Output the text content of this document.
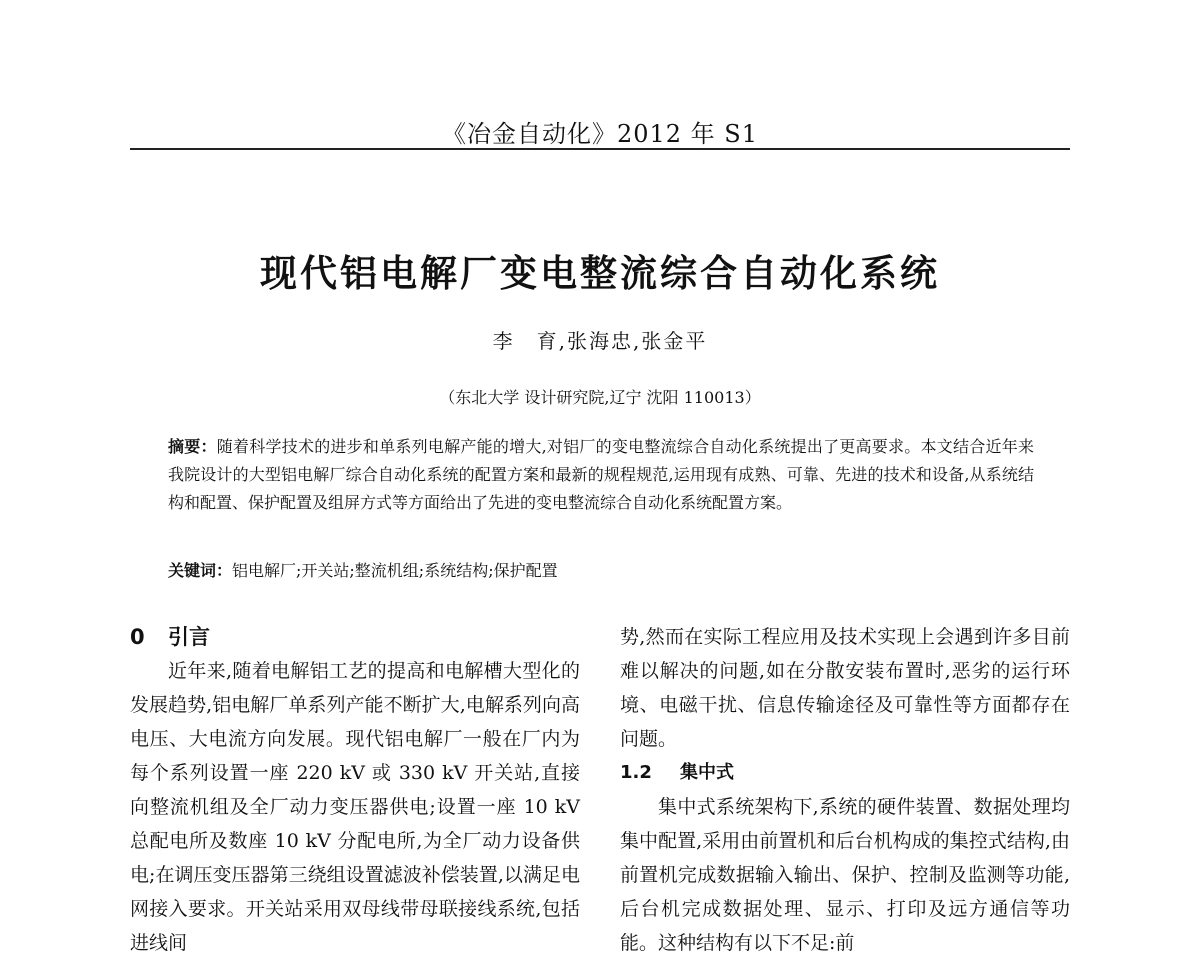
《冶金自动化》2012 年 S1
现代铝电解厂变电整流综合自动化系统
李　育,张海忠,张金平
（东北大学 设计研究院,辽宁 沈阳 110013）
摘要：随着科学技术的进步和单系列电解产能的增大,对铝厂的变电整流综合自动化系统提出了更高要求。本文结合近年来我院设计的大型铝电解厂综合自动化系统的配置方案和最新的规程规范,运用现有成熟、可靠、先进的技术和设备,从系统结构和配置、保护配置及组屏方式等方面给出了先进的变电整流综合自动化系统配置方案。
关键词：铝电解厂;开关站;整流机组;系统结构;保护配置
0 引言

近年来,随着电解铝工艺的提高和电解槽大型化的发展趋势,铝电解厂单系列产能不断扩大,电解系列向高电压、大电流方向发展。现代铝电解厂一般在厂内为每个系列设置一座 220 kV 或 330 kV 开关站,直接向整流机组及全厂动力变压器供电;设置一座 10 kV 总配电所及数座 10 kV 分配电所,为全厂动力设备供电;在调压变压器第三绕组设置滤波补偿装置,以满足电网接入要求。开关站采用双母线带母联接线系统,包括进线间

势,然而在实际工程应用及技术实现上会遇到许多目前难以解决的问题,如在分散安装布置时,恶劣的运行环境、电磁干扰、信息传输途径及可靠性等方面都存在问题。

1.2 集中式

集中式系统架构下,系统的硬件装置、数据处理均集中配置,采用由前置机和后台机构成的集控式结构,由前置机完成数据输入输出、保护、控制及监测等功能,后台机完成数据处理、显示、打印及远方通信等功能。这种结构有以下不足:前
